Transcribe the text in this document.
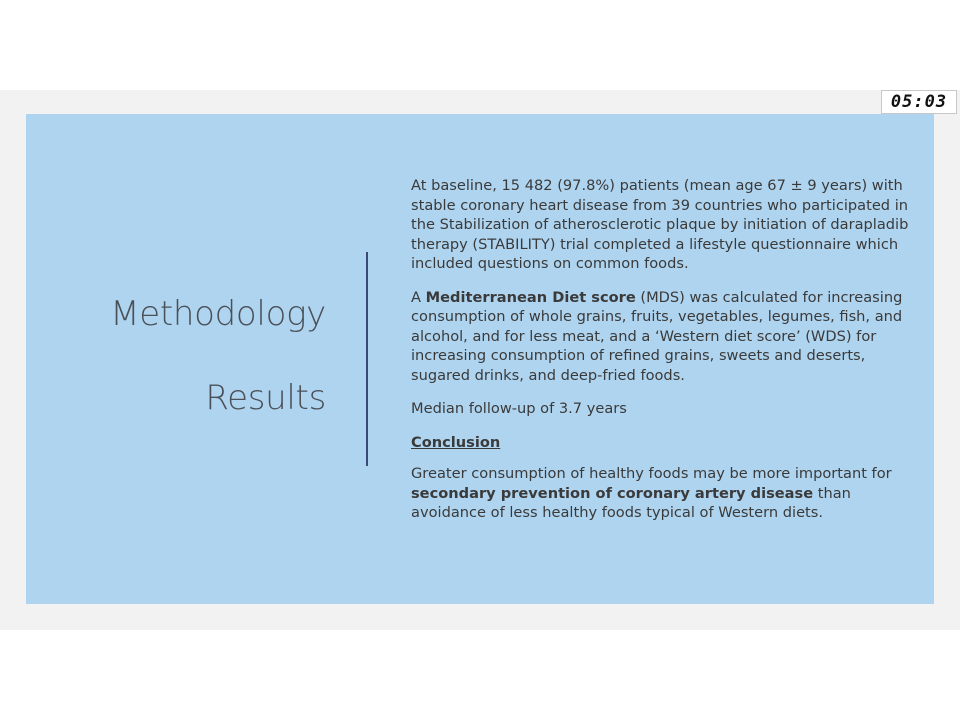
05:03
Methodology
Results

At baseline, 15 482 (97.8%) patients (mean age 67 ± 9 years) with stable coronary heart disease from 39 countries who participated in the Stabilization of atherosclerotic plaque by initiation of darapladib therapy (STABILITY) trial completed a lifestyle questionnaire which included questions on common foods.

A Mediterranean Diet score (MDS) was calculated for increasing consumption of whole grains, fruits, vegetables, legumes, fish, and alcohol, and for less meat, and a ‘Western diet score’ (WDS) for increasing consumption of refined grains, sweets and deserts, sugared drinks, and deep-fried foods.

Median follow-up of 3.7 years

Conclusion

Greater consumption of healthy foods may be more important for secondary prevention of coronary artery disease than avoidance of less healthy foods typical of Western diets.
